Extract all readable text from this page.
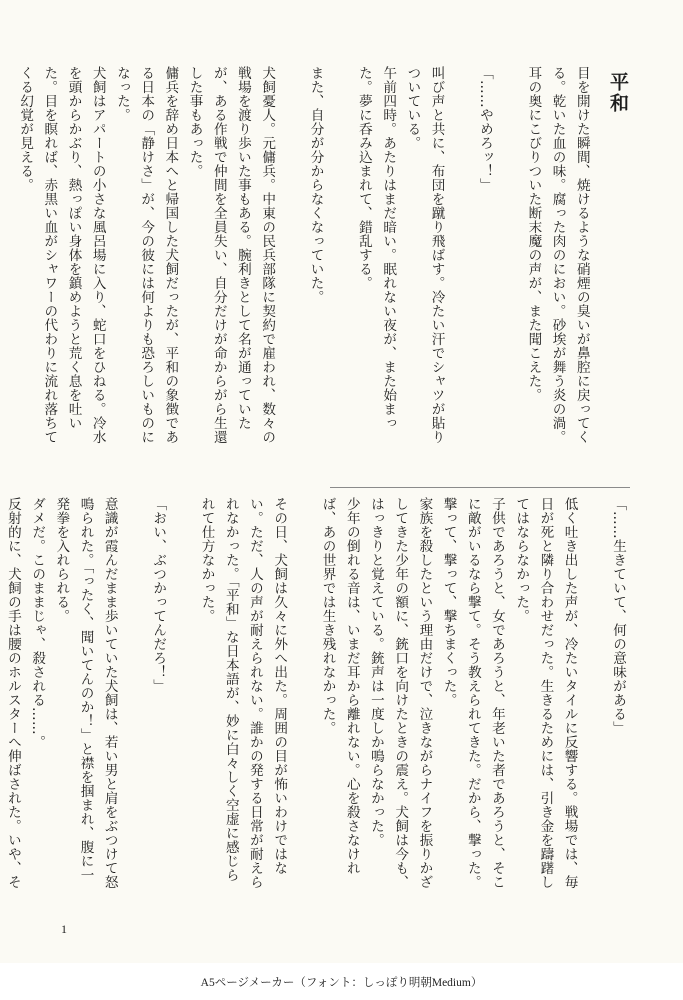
平和

目を開けた瞬間、焼けるような硝煙の臭いが鼻腔に戻ってくる。乾いた血の味。腐った肉のにおい。砂埃が舞う炎の渦。

耳の奥にこびりついた断末魔の声が、また聞こえた。

「……やめろッ！」

叫び声と共に、布団を蹴り飛ばす。冷たい汗でシャツが貼りついている。

午前四時。あたりはまだ暗い。眠れない夜が、また始まった。夢に呑み込まれて、錯乱する。

また、自分が分からなくなっていた。

犬飼憂人。元傭兵。中東の民兵部隊に契約で雇われ、数々の戦場を渡り歩いた事もある。腕利きとして名が通っていたが、ある作戦で仲間を全員失い、自分だけが命からがら生還した事もあった。

傭兵を辞め日本へと帰国した犬飼だったが、平和の象徴である日本の「静けさ」が、今の彼には何よりも恐ろしいものになった。

犬飼はアパートの小さな風呂場に入り、蛇口をひねる。冷水を頭からかぶり、熱っぽい身体を鎮めようと荒く息を吐いた。目を瞑れば、赤黒い血がシャワーの代わりに流れ落ちてくる幻覚が見える。

「……生きていて、何の意味がある」

低く吐き出した声が、冷たいタイルに反響する。戦場では、毎日が死と隣り合わせだった。生きるためには、引き金を躊躇してはならなかった。

子供であろうと、女であろうと、年老いた者であろうと、そこに敵がいるなら撃て。そう教えられてきた。だから、撃った。撃って、撃って、撃ちまくった。

家族を殺したという理由だけで、泣きながらナイフを振りかざしてきた少年の額に、銃口を向けたときの震え。犬飼は今も、はっきりと覚えている。銃声は一度しか鳴らなかった。

少年の倒れる音は、いまだ耳から離れない。心を殺さなければ、あの世界では生き残れなかった。

その日、犬飼は久々に外へ出た。周囲の目が怖いわけではない。ただ、人の声が耐えられない。誰かの発する日常が耐えられなかった。「平和」な日本語が、妙に白々しく空虚に感じられて仕方なかった。

「おい、ぶつかってんだろ！」

意識が霞んだまま歩いていた犬飼は、若い男と肩をぶつけて怒鳴られた。「ったく、聞いてんのか！」と襟を掴まれ、腹に一発拳を入れられる。

ダメだ。このままじゃ、殺される……。

反射的に、犬飼の手は腰のホルスターへ伸ばされた。いや、そ

1
A5ページメーカー（フォント：しっぽり明朝Medium）
